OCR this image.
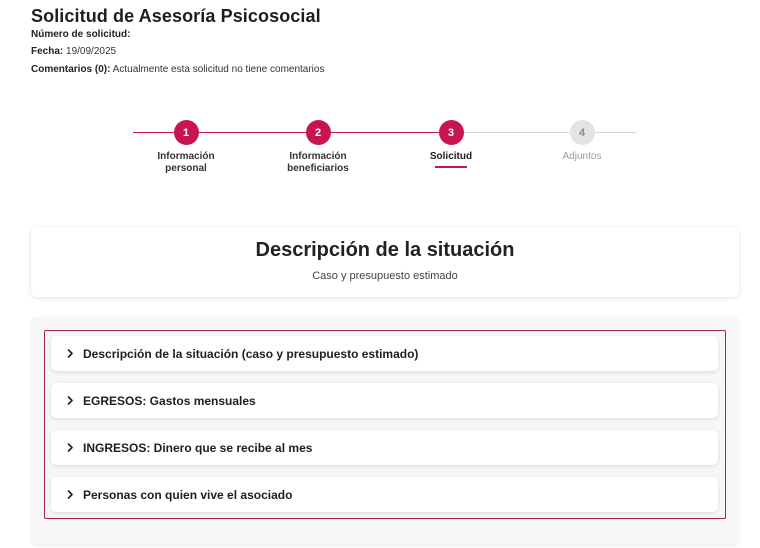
Solicitud de Asesoría Psicosocial
Número de solicitud:
Fecha: 19/09/2025
Comentarios (0): Actualmente esta solicitud no tiene comentarios
1
Información
personal
2
Información
beneficiarios
3
Solicitud
4
Adjuntos
Descripción de la situación
Caso y presupuesto estimado
Descripción de la situación (caso y presupuesto estimado)
EGRESOS: Gastos mensuales
INGRESOS: Dinero que se recibe al mes
Personas con quien vive el asociado
